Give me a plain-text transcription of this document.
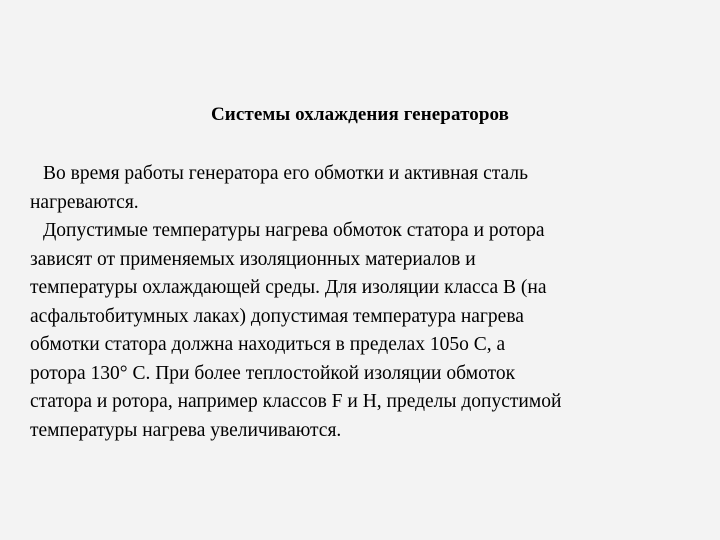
Системы охлаждения генераторов
Во время работы генератора его обмотки и активная сталь
нагреваются.
Допустимые температуры нагрева обмоток статора и ротора
зависят от применяемых изоляционных материалов и
температуры охлаждающей среды. Для изоляции класса В (на
асфальтобитумных лаках) допустимая температура нагрева
обмотки статора должна находиться в пределах 105о С, а
ротора 130° С. При более теплостойкой изоляции обмоток
статора и ротора, например классов F и Н, пределы допустимой
температуры нагрева увеличиваются.
